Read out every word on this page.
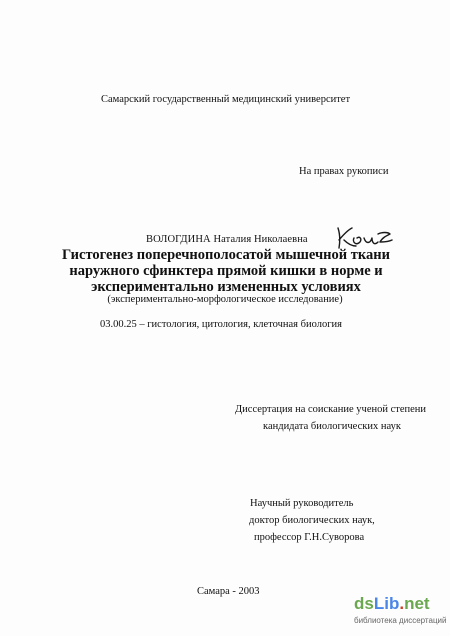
Самарский государственный медицинский университет
На правах рукописи
ВОЛОГДИНА Наталия Николаевна
Гистогенез поперечнополосатой мышечной ткани
наружного сфинктера прямой кишки в норме и
экспериментально измененных условиях
(экспериментально-морфологическое исследование)
03.00.25 – гистология, цитология, клеточная биология
Диссертация на соискание ученой степени
кандидата биологических наук
Научный руководитель
доктор биологических наук,
профессор Г.Н.Суворова
Самара - 2003
dsLib.net
библиотека диссертаций
